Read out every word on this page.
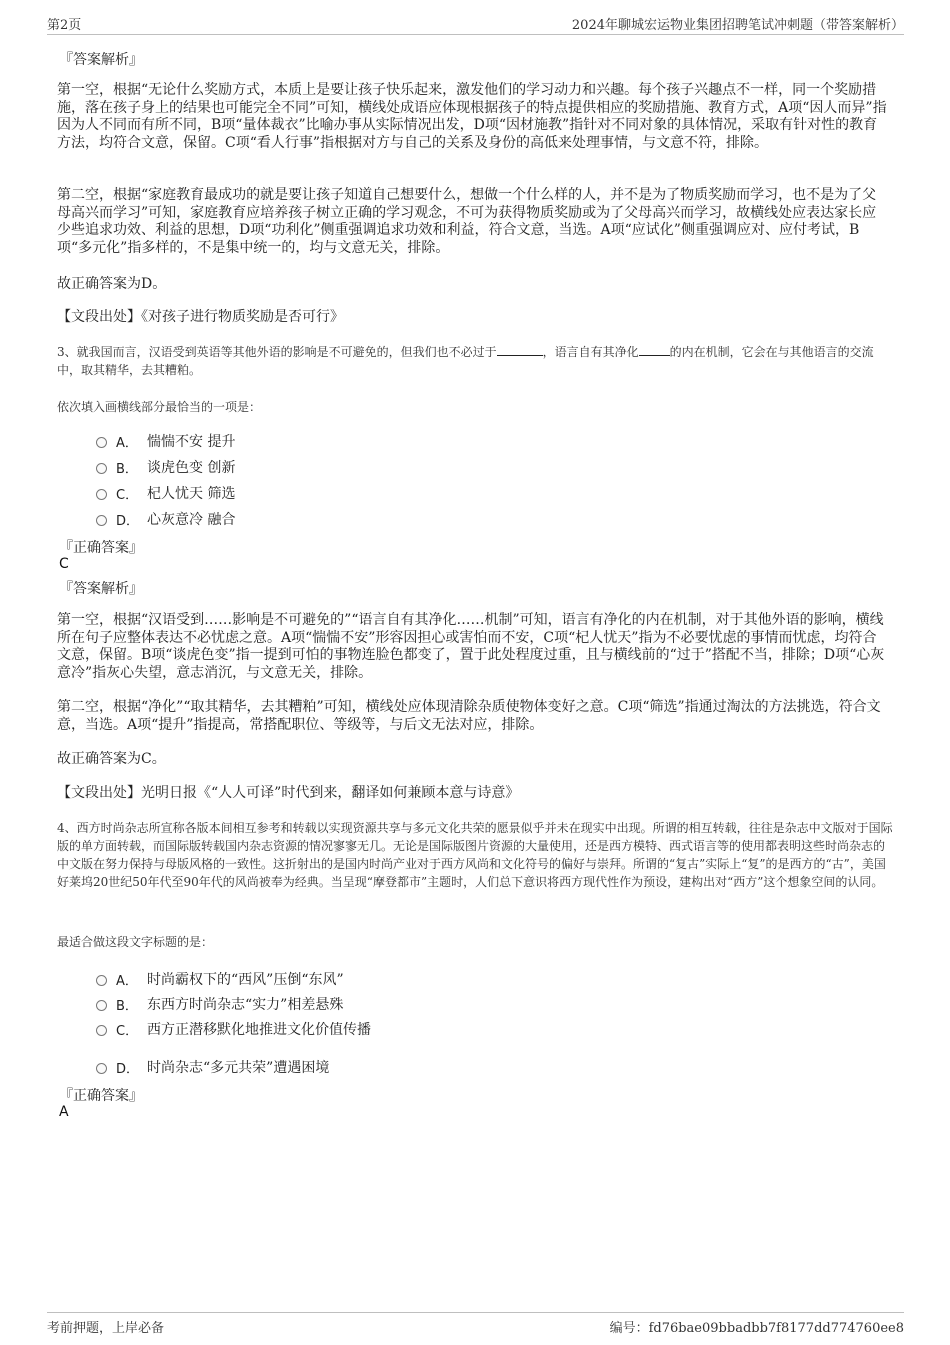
第2页	2024年聊城宏运物业集团招聘笔试冲刺题（带答案解析）
『答案解析』

第一空，根据“无论什么奖励方式，本质上是要让孩子快乐起来，激发他们的学习动力和兴趣。每个孩子兴趣点不一样，同一个奖励措施，落在孩子身上的结果也可能完全不同”可知，横线处成语应体现根据孩子的特点提供相应的奖励措施、教育方式，A项“因人而异”指因为人不同而有所不同，B项“量体裁衣”比喻办事从实际情况出发，D项“因材施教”指针对不同对象的具体情况，采取有针对性的教育方法，均符合文意，保留。C项“看人行事”指根据对方与自己的关系及身份的高低来处理事情，与文意不符，排除。

第二空，根据“家庭教育最成功的就是要让孩子知道自己想要什么，想做一个什么样的人，并不是为了物质奖励而学习，也不是为了父母高兴而学习”可知，家庭教育应培养孩子树立正确的学习观念，不可为获得物质奖励或为了父母高兴而学习，故横线处应表达家长应少些追求功效、利益的思想，D项“功利化”侧重强调追求功效和利益，符合文意，当选。A项“应试化”侧重强调应对、应付考试，B项“多元化”指多样的，不是集中统一的，均与文意无关，排除。

故正确答案为D。

【文段出处】《对孩子进行物质奖励是否可行》

3、就我国而言，汉语受到英语等其他外语的影响是不可避免的，但我们也不必过于	，语言自有其净化	的内在机制，它会在与其他语言的交流中，取其精华，去其糟粕。

依次填入画横线部分最恰当的一项是：
A． 惴惴不安 提升
B． 谈虎色变 创新
C． 杞人忧天 筛选
D． 心灰意冷 融合
『正确答案』
C
『答案解析』

第一空，根据“汉语受到……影响是不可避免的”“语言自有其净化……机制”可知，语言有净化的内在机制，对于其他外语的影响，横线所在句子应整体表达不必忧虑之意。A项“惴惴不安”形容因担心或害怕而不安，C项“杞人忧天”指为不必要忧虑的事情而忧虑，均符合文意，保留。B项“谈虎色变”指一提到可怕的事物连脸色都变了，置于此处程度过重，且与横线前的“过于”搭配不当，排除；D项“心灰意冷”指灰心失望，意志消沉，与文意无关，排除。

第二空，根据“净化”“取其精华，去其糟粕”可知，横线处应体现清除杂质使物体变好之意。C项“筛选”指通过淘汰的方法挑选，符合文意，当选。A项“提升”指提高，常搭配职位、等级等，与后文无法对应，排除。

故正确答案为C。

【文段出处】光明日报《“人人可译”时代到来，翻译如何兼顾本意与诗意》

4、西方时尚杂志所宣称各版本间相互参考和转载以实现资源共享与多元文化共荣的愿景似乎并未在现实中出现。所谓的相互转载，往往是杂志中文版对于国际版的单方面转载，而国际版转载国内杂志资源的情况寥寥无几。无论是国际版图片资源的大量使用，还是西方模特、西式语言等的使用都表明这些时尚杂志的中文版在努力保持与母版风格的一致性。这折射出的是国内时尚产业对于西方风尚和文化符号的偏好与崇拜。所谓的“复古”实际上“复”的是西方的“古”，美国好莱坞20世纪50年代至90年代的风尚被奉为经典。当呈现“摩登都市”主题时，人们总下意识将西方现代性作为预设，建构出对“西方”这个想象空间的认同。

最适合做这段文字标题的是：
A． 时尚霸权下的“西风”压倒“东风”
B． 东西方时尚杂志“实力”相差悬殊
C． 西方正潜移默化地推进文化价值传播
D． 时尚杂志“多元共荣”遭遇困境
『正确答案』
A
考前押题，上岸必备	编号：fd76bae09bbadbb7f8177dd774760ee8
